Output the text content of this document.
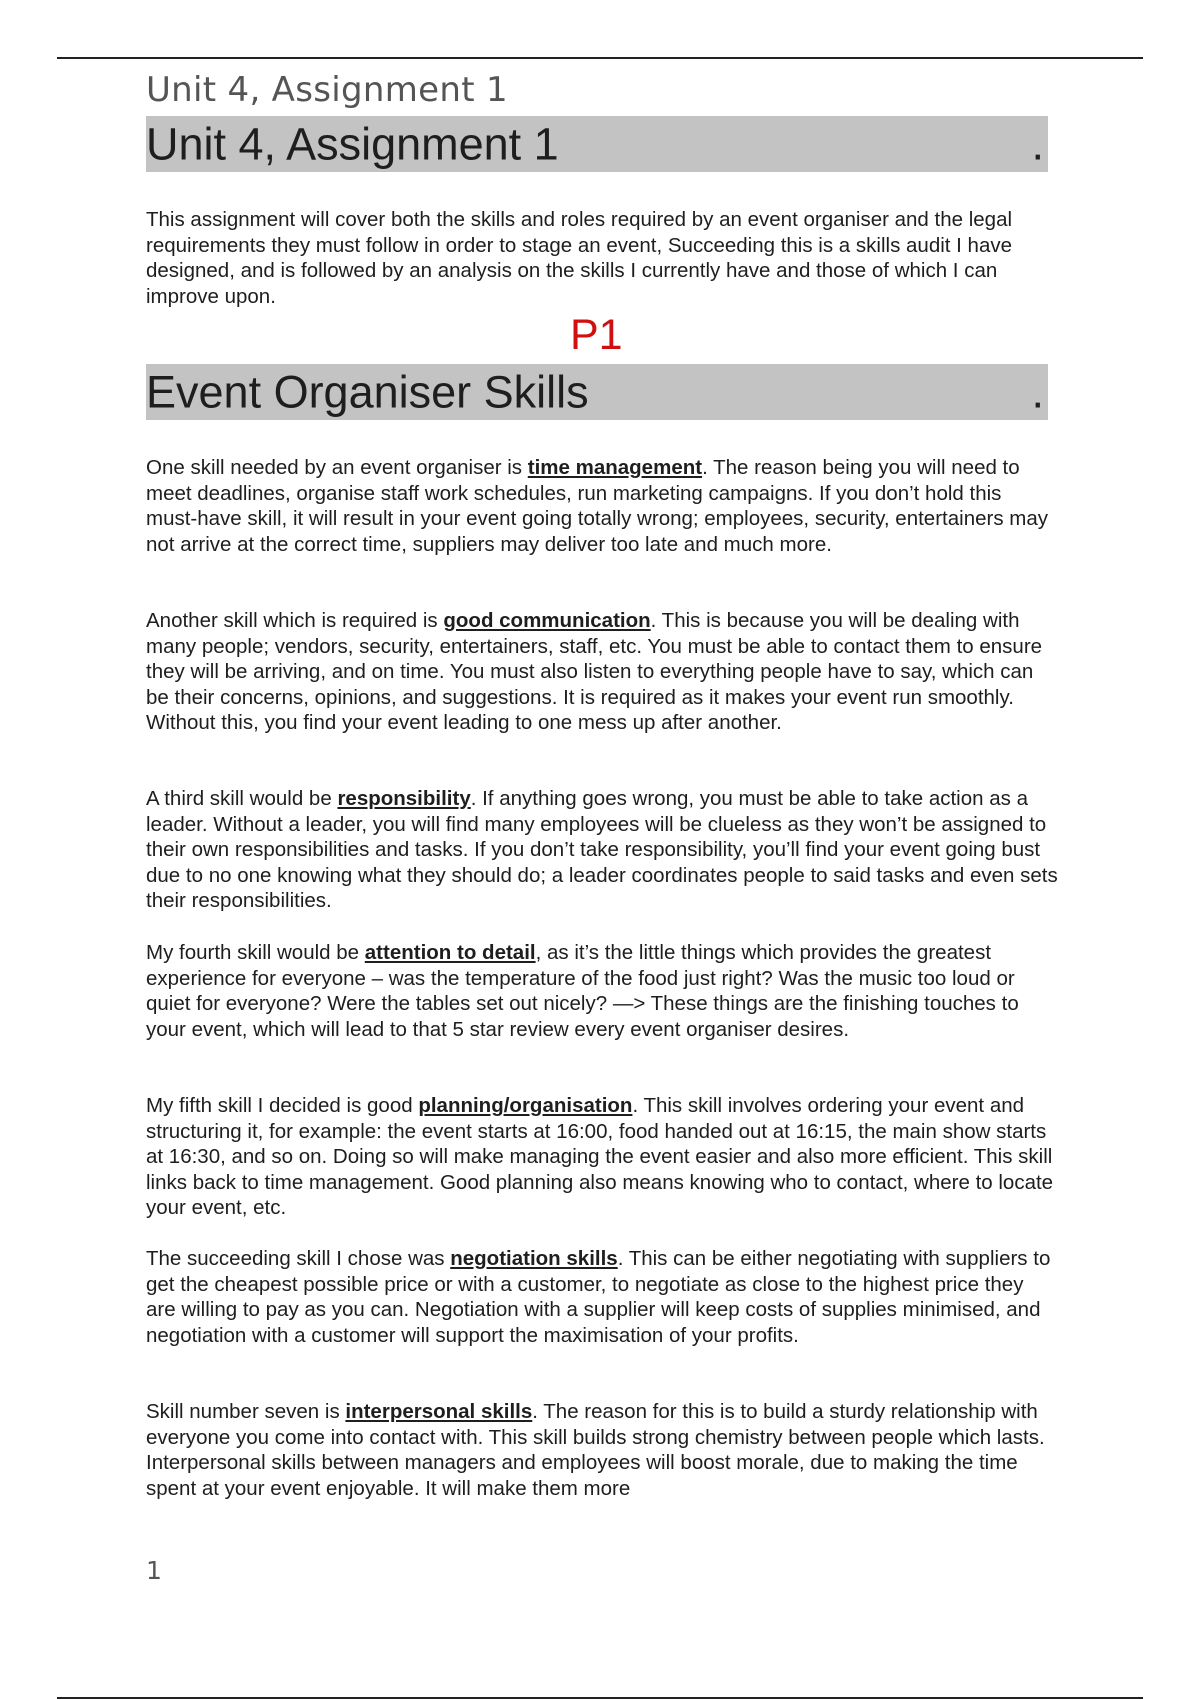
Unit 4, Assignment 1
Unit 4, Assignment 1	.

This assignment will cover both the skills and roles required by an event organiser and the legal requirements they must follow in order to stage an event, Succeeding this is a skills audit I have designed, and is followed by an analysis on the skills I currently have and those of which I can improve upon.

P1
Event Organiser Skills	.

One skill needed by an event organiser is time management. The reason being you will need to meet deadlines, organise staff work schedules, run marketing campaigns. If you don’t hold this must-have skill, it will result in your event going totally wrong; employees, security, entertainers may not arrive at the correct time, suppliers may deliver too late and much more.

Another skill which is required is good communication. This is because you will be dealing with many people; vendors, security, entertainers, staff, etc. You must be able to contact them to ensure they will be arriving, and on time. You must also listen to everything people have to say, which can be their concerns, opinions, and suggestions. It is required as it makes your event run smoothly. Without this, you find your event leading to one mess up after another.

A third skill would be responsibility. If anything goes wrong, you must be able to take action as a leader. Without a leader, you will find many employees will be clueless as they won’t be assigned to their own responsibilities and tasks. If you don’t take responsibility, you’ll find your event going bust due to no one knowing what they should do; a leader coordinates people to said tasks and even sets their responsibilities.

My fourth skill would be attention to detail, as it’s the little things which provides the greatest experience for everyone – was the temperature of the food just right? Was the music too loud or quiet for everyone? Were the tables set out nicely? —> These things are the finishing touches to your event, which will lead to that 5 star review every event organiser desires.

My fifth skill I decided is good planning/organisation. This skill involves ordering your event and structuring it, for example: the event starts at 16:00, food handed out at 16:15, the main show starts at 16:30, and so on. Doing so will make managing the event easier and also more efficient. This skill links back to time management. Good planning also means knowing who to contact, where to locate your event, etc.

The succeeding skill I chose was negotiation skills. This can be either negotiating with suppliers to get the cheapest possible price or with a customer, to negotiate as close to the highest price they are willing to pay as you can. Negotiation with a supplier will keep costs of supplies minimised, and negotiation with a customer will support the maximisation of your profits.

Skill number seven is interpersonal skills. The reason for this is to build a sturdy relationship with everyone you come into contact with. This skill builds strong chemistry between people which lasts. Interpersonal skills between managers and employees will boost morale, due to making the time spent at your event enjoyable. It will make them more

1
